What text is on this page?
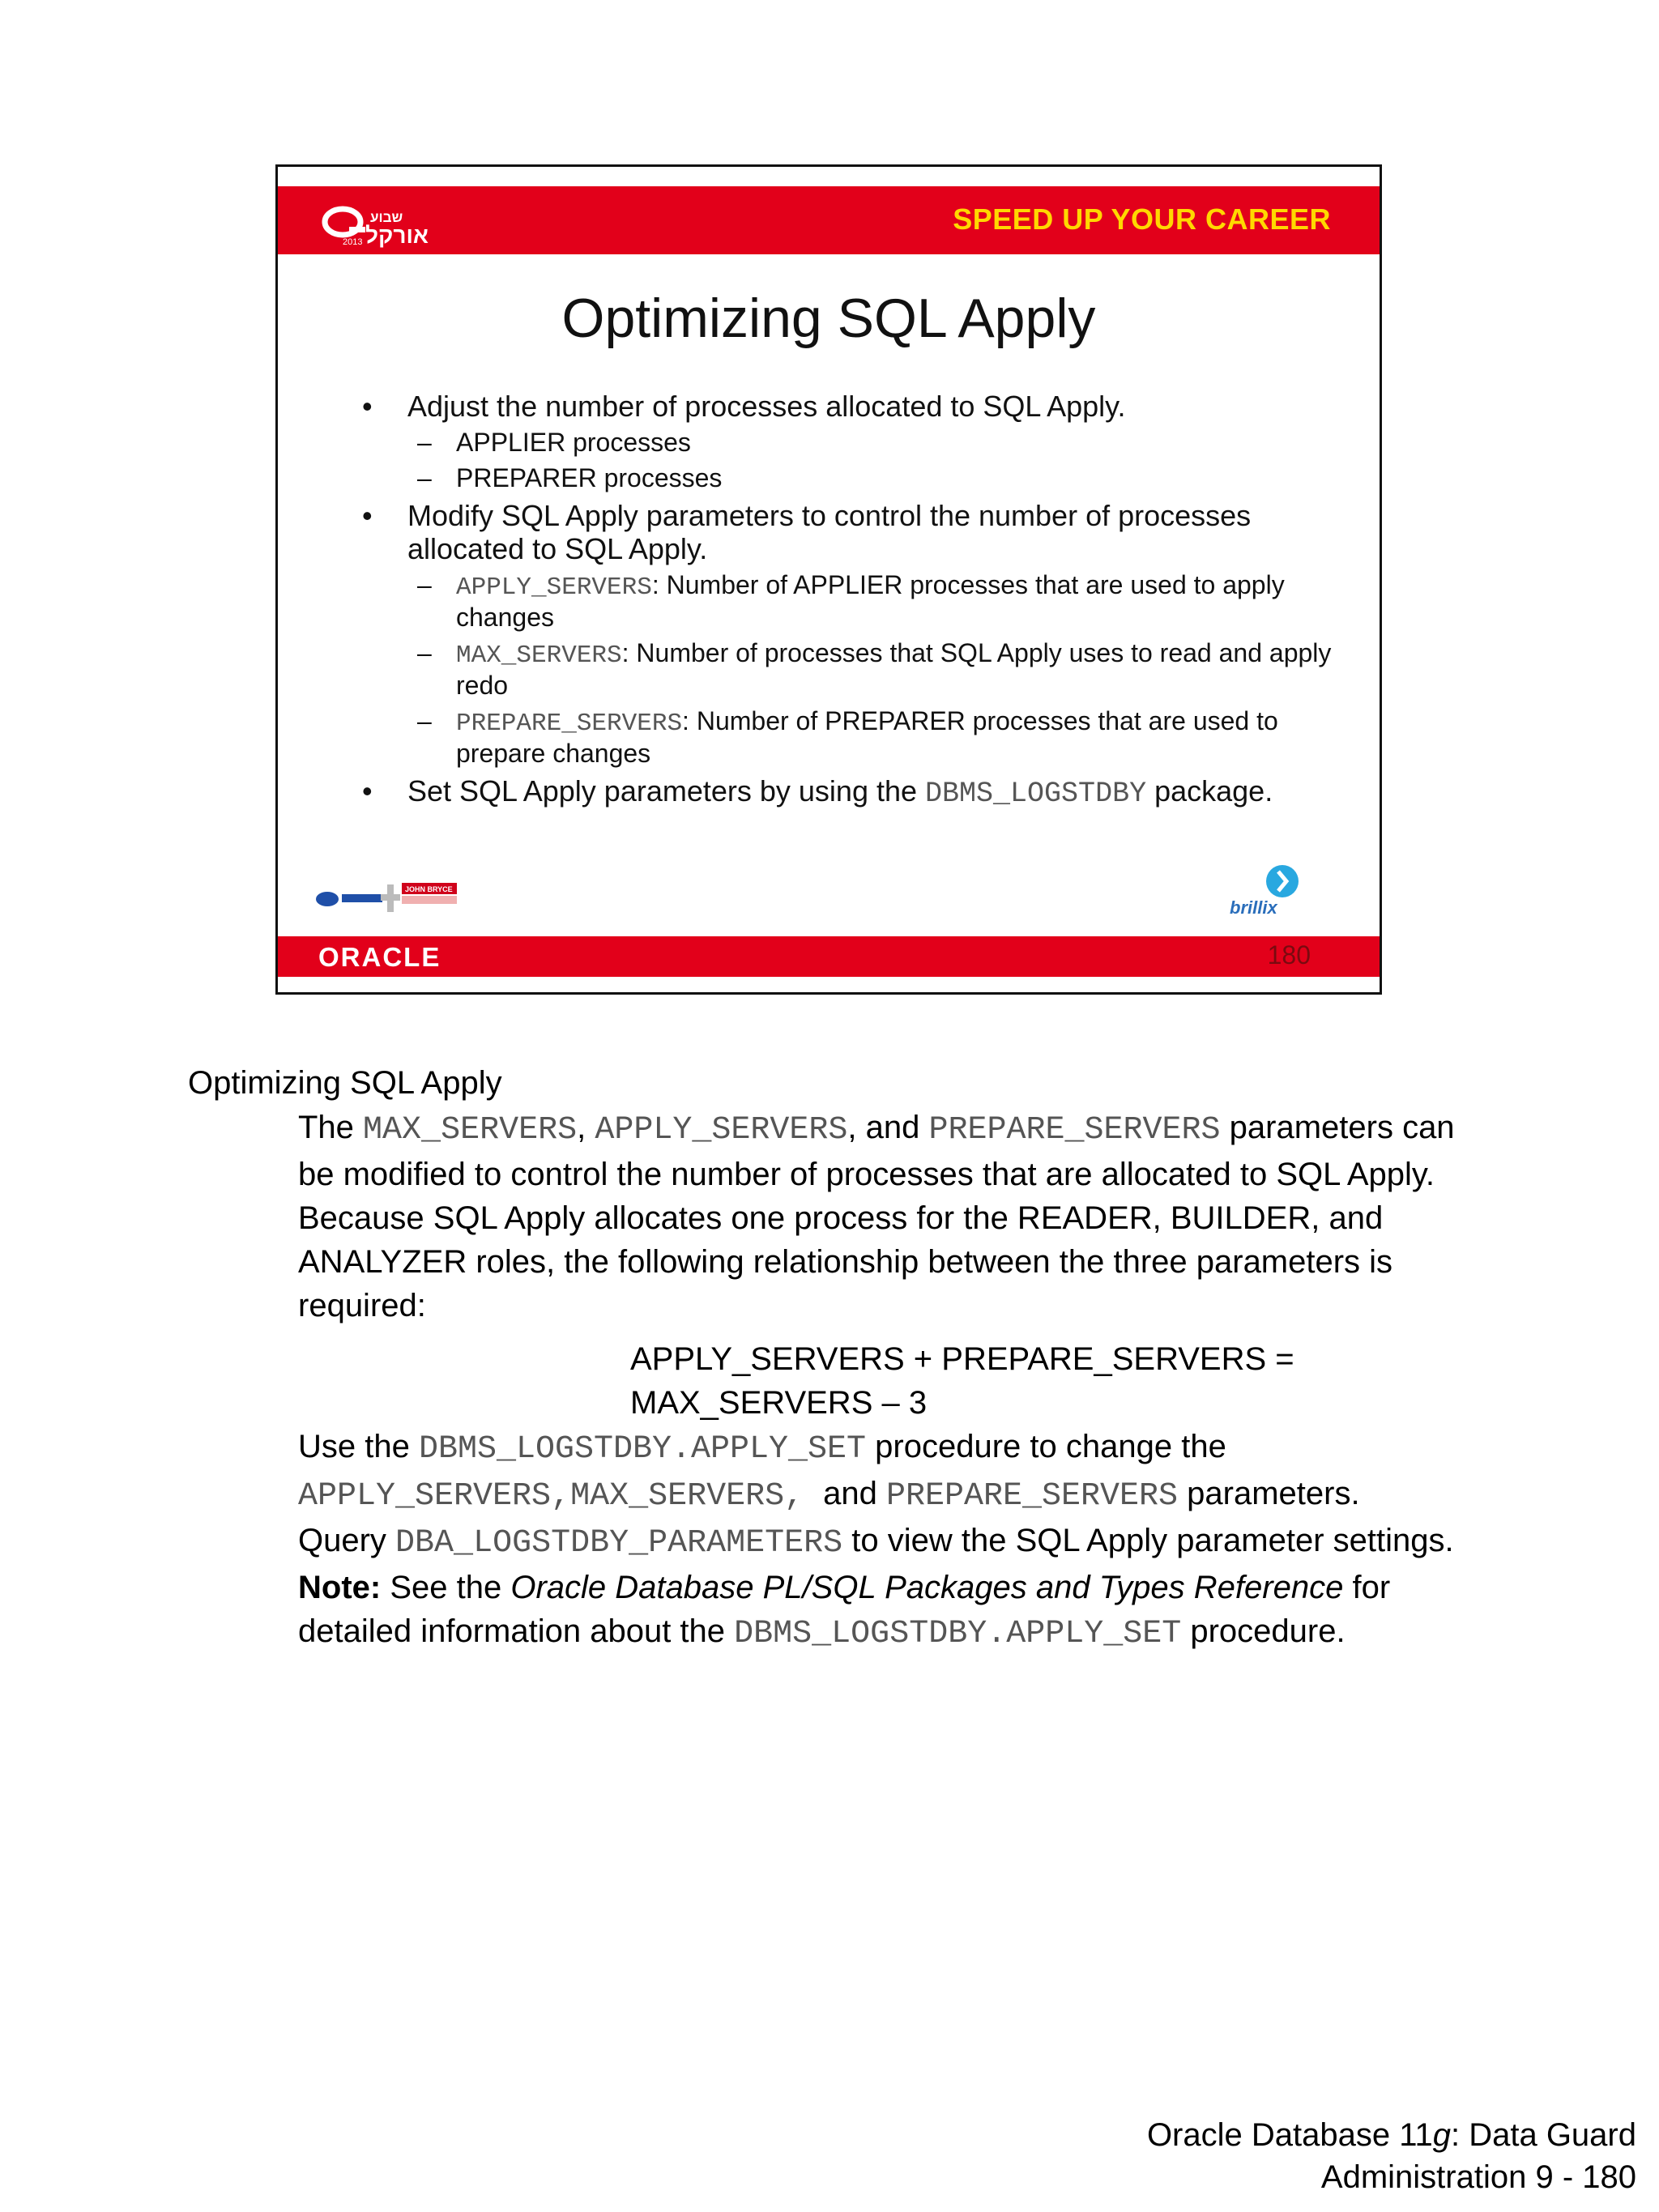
2013
שבוע
אורקל	SPEED UP YOUR CAREER
Optimizing SQL Apply
• Adjust the number of processes allocated to SQL Apply.
– APPLIER processes
– PREPARER processes
• Modify SQL Apply parameters to control the number of processes allocated to SQL Apply.
– APPLY_SERVERS: Number of APPLIER processes that are used to apply changes
– MAX_SERVERS: Number of processes that SQL Apply uses to read and apply redo
– PREPARE_SERVERS: Number of PREPARER processes that are used to prepare changes
• Set SQL Apply parameters by using the DBMS_LOGSTDBY package.
JOHN BRYCE
brillix
ORACLE	180
Optimizing SQL Apply

The MAX_SERVERS, APPLY_SERVERS, and PREPARE_SERVERS parameters can be modified to control the number of processes that are allocated to SQL Apply. Because SQL Apply allocates one process for the READER, BUILDER, and ANALYZER roles, the following relationship between the three parameters is required:

APPLY_SERVERS + PREPARE_SERVERS = MAX_SERVERS – 3

Use the DBMS_LOGSTDBY.APPLY_SET procedure to change the APPLY_SERVERS,MAX_SERVERS, and PREPARE_SERVERS parameters.

Query DBA_LOGSTDBY_PARAMETERS to view the SQL Apply parameter settings.

Note: See the Oracle Database PL/SQL Packages and Types Reference for detailed information about the DBMS_LOGSTDBY.APPLY_SET procedure.

Oracle Database 11g: Data Guard
Administration 9 - 180
